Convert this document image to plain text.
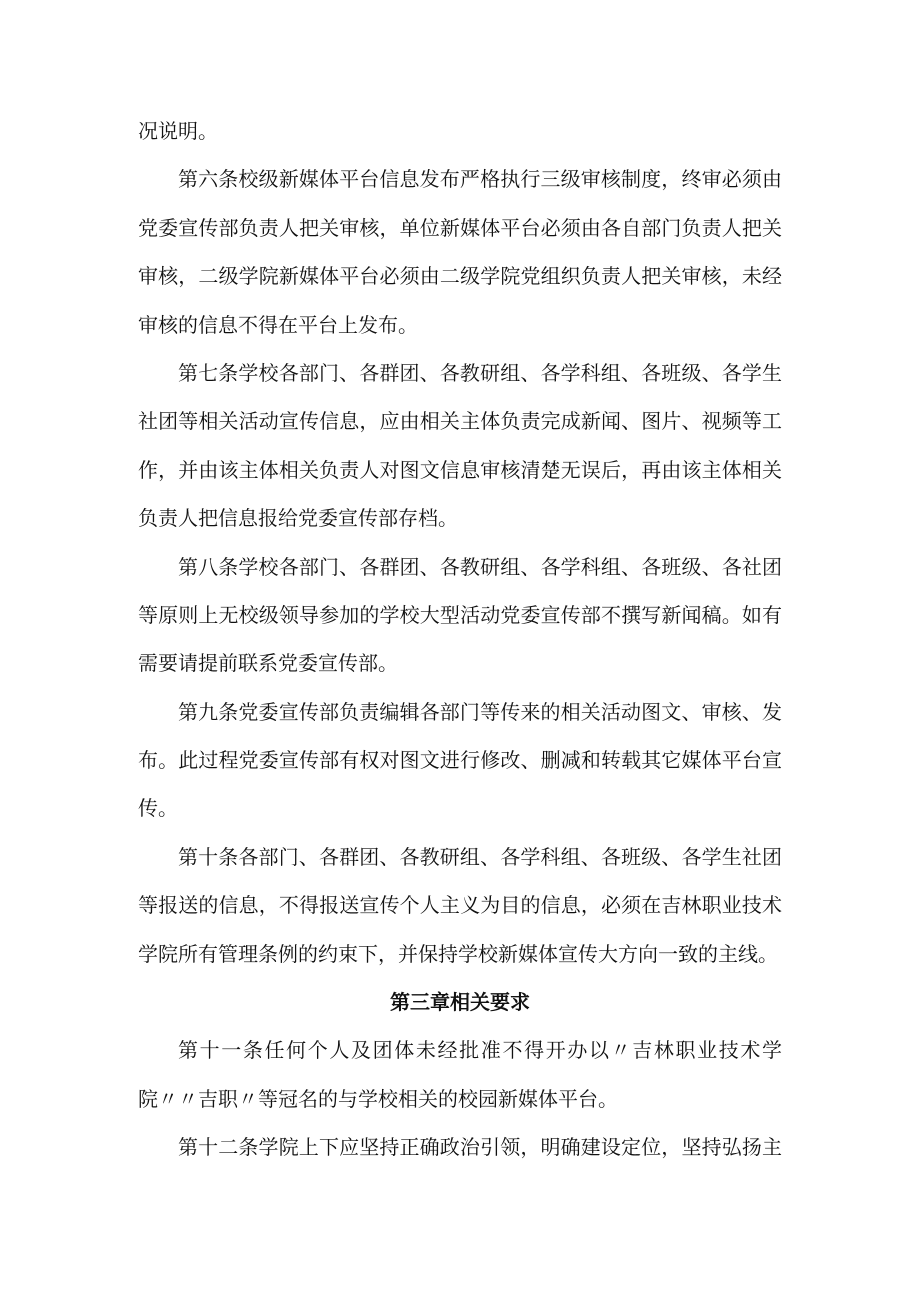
况说明。
第六条校级新媒体平台信息发布严格执行三级审核制度，终审必须由
党委宣传部负责人把关审核，单位新媒体平台必须由各自部门负责人把关
审核，二级学院新媒体平台必须由二级学院党组织负责人把关审核，未经
审核的信息不得在平台上发布。
第七条学校各部门、各群团、各教研组、各学科组、各班级、各学生
社团等相关活动宣传信息，应由相关主体负责完成新闻、图片、视频等工
作，并由该主体相关负责人对图文信息审核清楚无误后，再由该主体相关
负责人把信息报给党委宣传部存档。
第八条学校各部门、各群团、各教研组、各学科组、各班级、各社团
等原则上无校级领导参加的学校大型活动党委宣传部不撰写新闻稿。如有
需要请提前联系党委宣传部。
第九条党委宣传部负责编辑各部门等传来的相关活动图文、审核、发
布。此过程党委宣传部有权对图文进行修改、删减和转载其它媒体平台宣
传。
第十条各部门、各群团、各教研组、各学科组、各班级、各学生社团
等报送的信息，不得报送宣传个人主义为目的信息，必须在吉林职业技术
学院所有管理条例的约束下，并保持学校新媒体宣传大方向一致的主线。
第三章相关要求
第十一条任何个人及团体未经批准不得开办以〃吉林职业技术学
院〃〃吉职〃等冠名的与学校相关的校园新媒体平台。
第十二条学院上下应坚持正确政治引领，明确建设定位，坚持弘扬主
